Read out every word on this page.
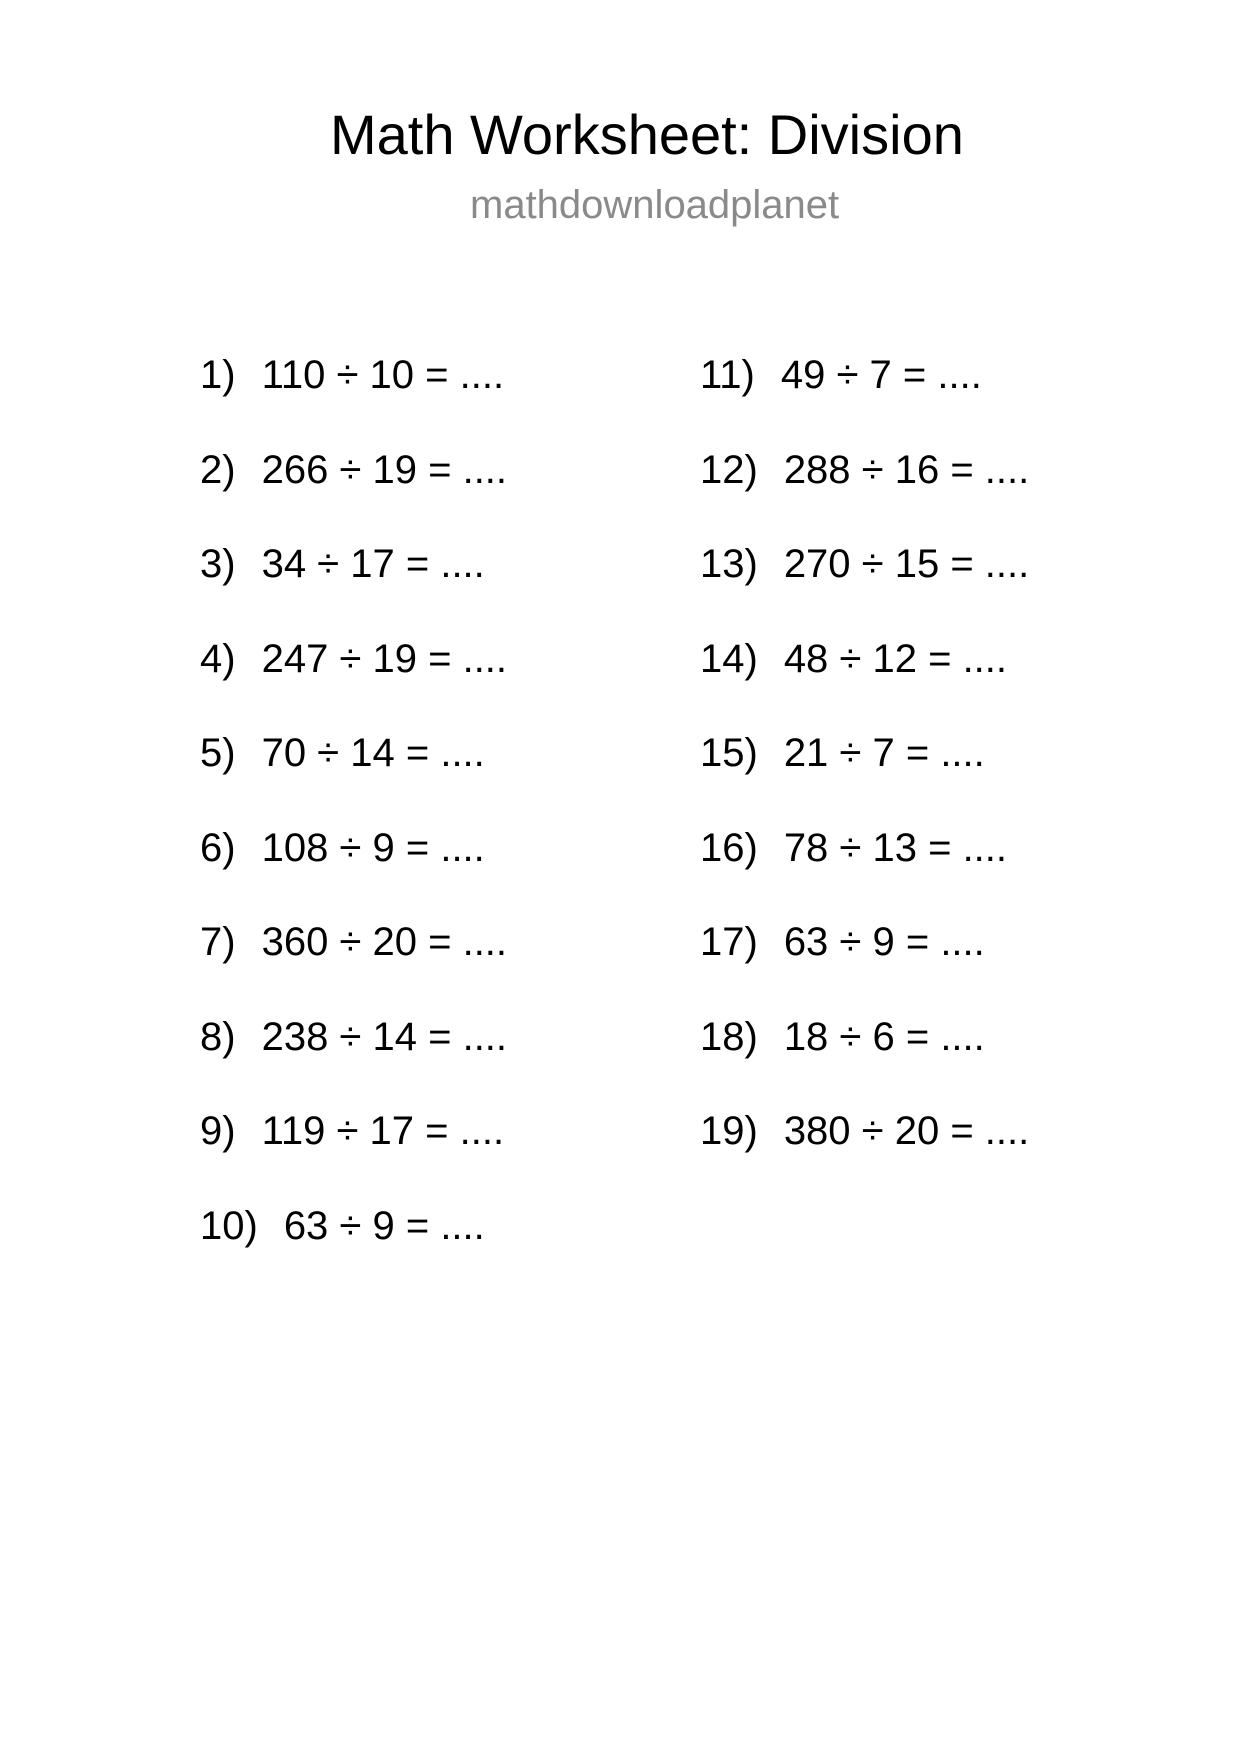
Math Worksheet: Division
mathdownloadplanet
1) 110 ÷ 10 = ....
2) 266 ÷ 19 = ....
3) 34 ÷ 17 = ....
4) 247 ÷ 19 = ....
5) 70 ÷ 14 = ....
6) 108 ÷ 9 = ....
7) 360 ÷ 20 = ....
8) 238 ÷ 14 = ....
9) 119 ÷ 17 = ....
10) 63 ÷ 9 = ....
11) 49 ÷ 7 = ....
12) 288 ÷ 16 = ....
13) 270 ÷ 15 = ....
14) 48 ÷ 12 = ....
15) 21 ÷ 7 = ....
16) 78 ÷ 13 = ....
17) 63 ÷ 9 = ....
18) 18 ÷ 6 = ....
19) 380 ÷ 20 = ....
